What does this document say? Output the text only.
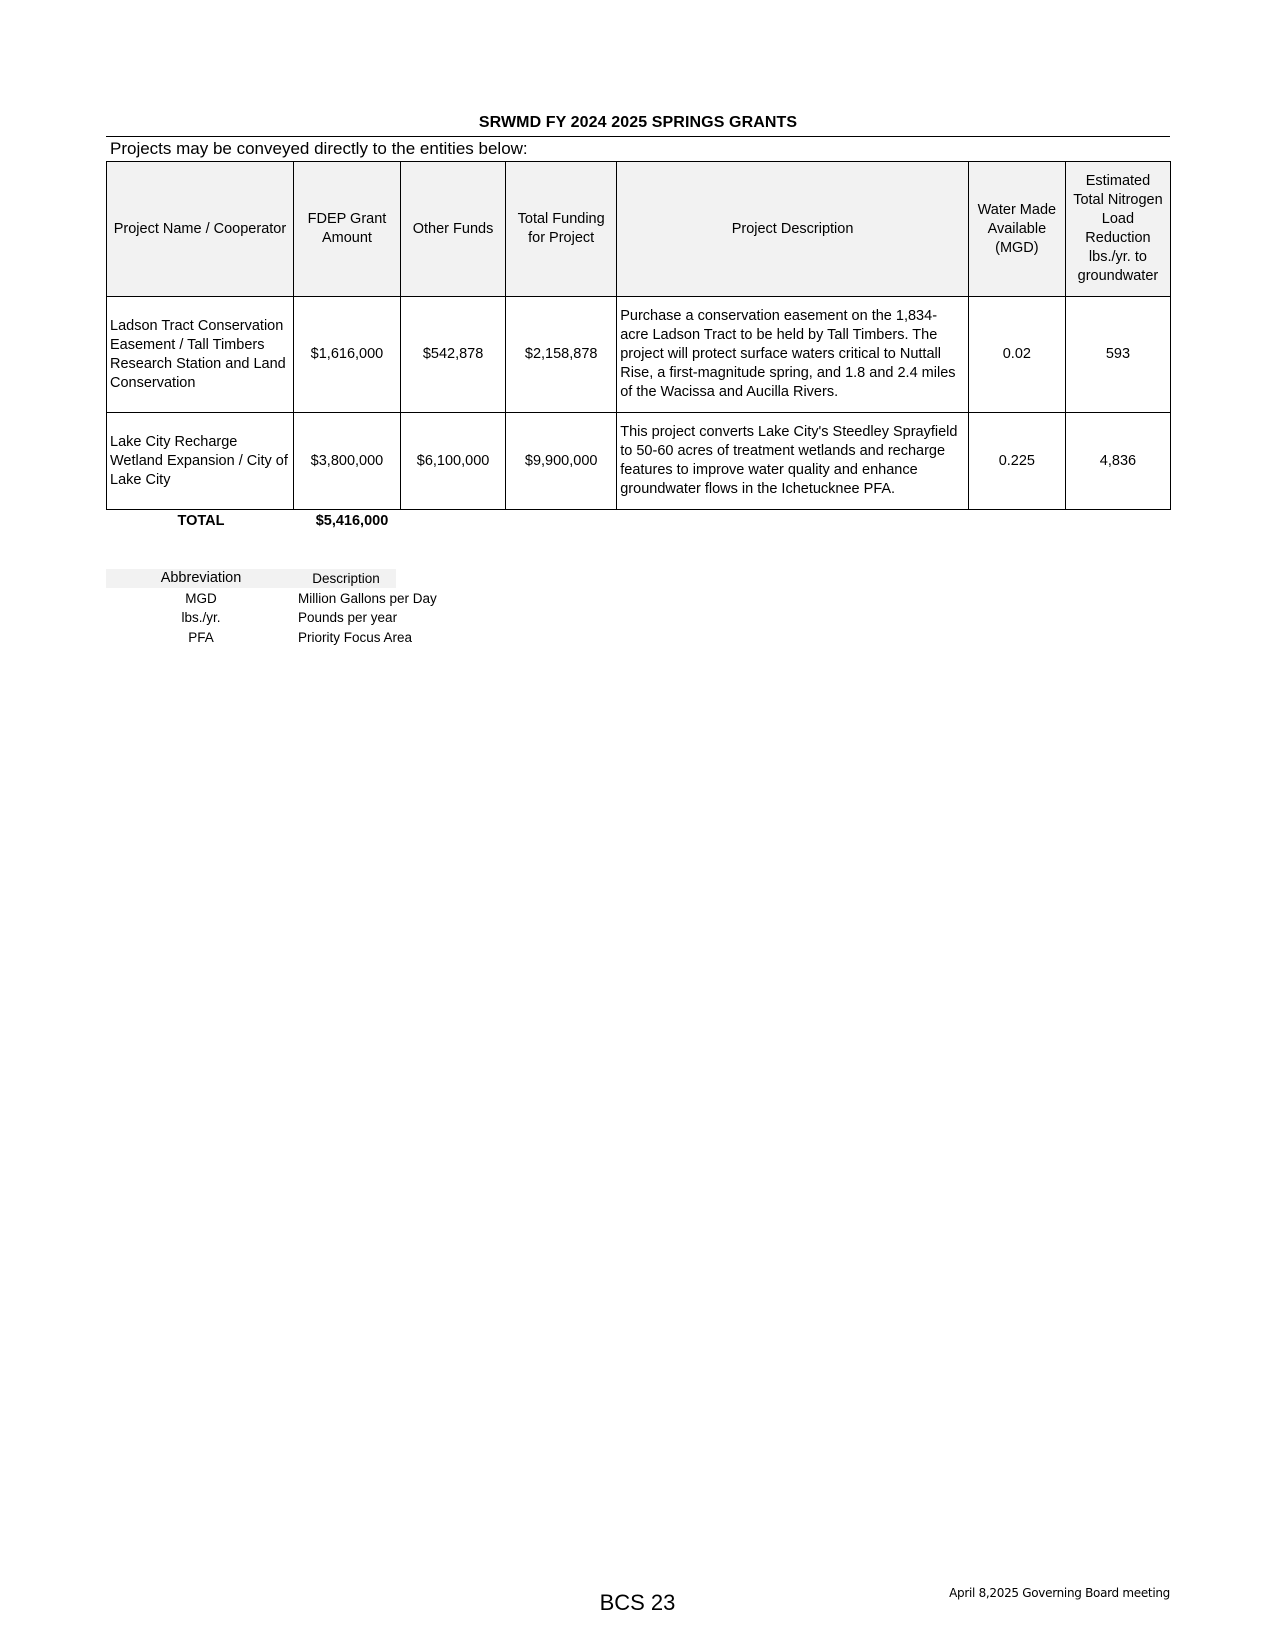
SRWMD FY 2024 2025 SPRINGS GRANTS
Projects may be conveyed directly to the entities below:
Project Name / Cooperator	FDEP Grant Amount	Other Funds	Total Funding for Project	Project Description	Water Made Available (MGD)	Estimated Total Nitrogen Load Reduction lbs./yr. to groundwater
Ladson Tract Conservation Easement / Tall Timbers Research Station and Land Conservation	$1,616,000	$542,878	$2,158,878	Purchase a conservation easement on the 1,834-acre Ladson Tract to be held by Tall Timbers. The project will protect surface waters critical to Nuttall Rise, a first-magnitude spring, and 1.8 and 2.4 miles of the Wacissa and Aucilla Rivers.	0.02	593
Lake City Recharge Wetland Expansion / City of Lake City	$3,800,000	$6,100,000	$9,900,000	This project converts Lake City's Steedley Sprayfield to 50-60 acres of treatment wetlands and recharge features to improve water quality and enhance groundwater flows in the Ichetucknee PFA.	0.225	4,836
TOTAL	$5,416,000
Abbreviation	Description
MGD	Million Gallons per Day
lbs./yr.	Pounds per year
PFA	Priority Focus Area
BCS 23	April 8,2025 Governing Board meeting
